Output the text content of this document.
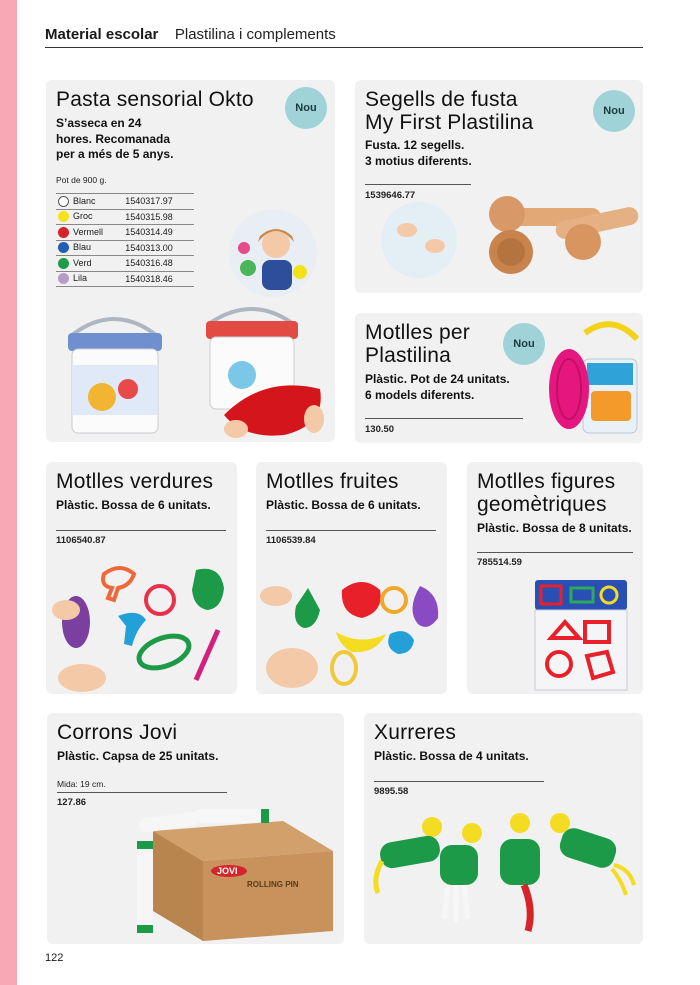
Material escolar Plastilina i complements
Pasta sensorial Okto	Nou
S’asseca en 24
hores. Recomanada
per a més de 5 anys.
Pot de 900 g.
Blanc	1540317.97
Groc	1540315.98
Vermell	1540314.49
Blau	1540313.00
Verd	1540316.48
Lila	1540318.46
Segells de fusta
My First Plastilina
Nou
Fusta. 12 segells.
3 motius diferents.
1539646.77
Motlles per
Plastilina
Nou
Plàstic. Pot de 24 unitats.
6 models diferents.
130.50
Motlles verdures
Plàstic. Bossa de 6 unitats.
1106540.87
Motlles fruites
Plàstic. Bossa de 6 unitats.
1106539.84
Motlles figures
geomètriques
Plàstic. Bossa de 8 unitats.
785514.59
Corrons Jovi
Plàstic. Capsa de 25 unitats.
Mida: 19 cm.
127.86
JOVI
ROLLING PIN
Xurreres
Plàstic. Bossa de 4 unitats.
9895.58
122
